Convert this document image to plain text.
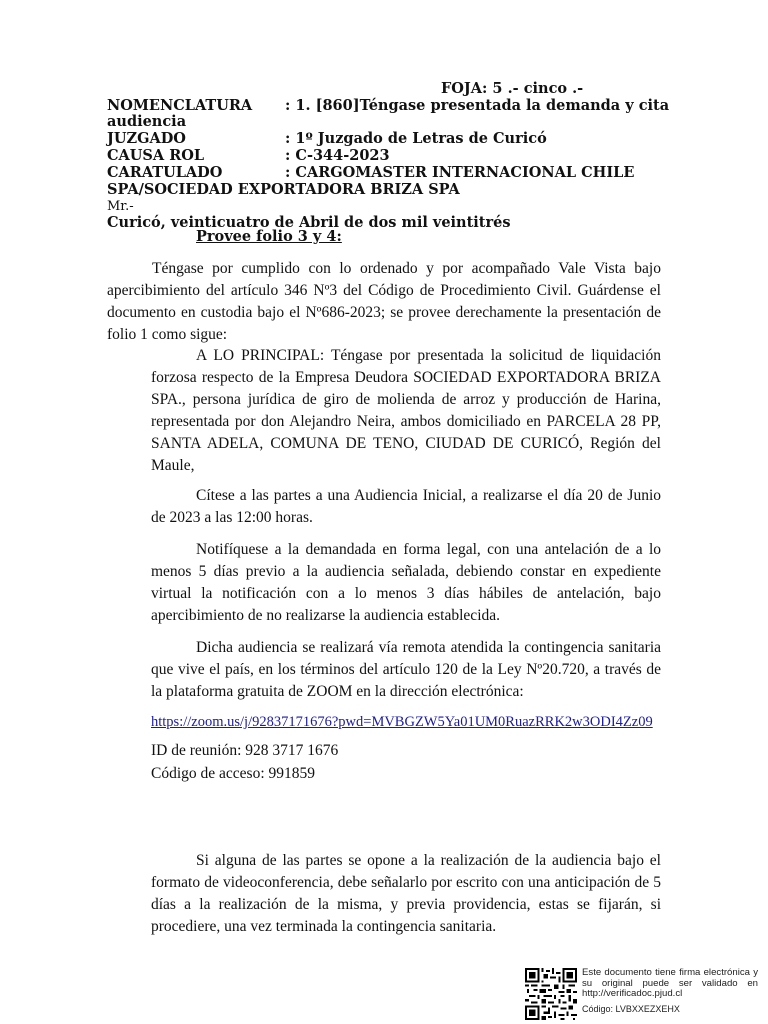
FOJA: 5 .- cinco .-
NOMENCLATURA : 1. [860]Téngase presentada la demanda y cita
audiencia
JUZGADO	: 1º Juzgado de Letras de Curicó
CAUSA ROL	: C-344-2023
CARATULADO	: CARGOMASTER INTERNACIONAL CHILE
SPA/SOCIEDAD EXPORTADORA BRIZA SPA
Mr.-
Curicó, veinticuatro de Abril de dos mil veintitrés
Provee folio 3 y 4:
Téngase por cumplido con lo ordenado y por acompañado Vale Vista bajo apercibimiento del artículo 346 Nº3 del Código de Procedimiento Civil. Guárdense el documento en custodia bajo el Nº686-2023; se provee derechamente la presentación de folio 1 como sigue:
A LO PRINCIPAL: Téngase por presentada la solicitud de liquidación forzosa respecto de la Empresa Deudora SOCIEDAD EXPORTADORA BRIZA SPA., persona jurídica de giro de molienda de arroz y producción de Harina, representada por don Alejandro Neira, ambos domiciliado en PARCELA 28 PP, SANTA ADELA, COMUNA DE TENO, CIUDAD DE CURICÓ, Región del Maule,
Cítese a las partes a una Audiencia Inicial, a realizarse el día 20 de Junio de 2023 a las 12:00 horas.
Notifíquese a la demandada en forma legal, con una antelación de a lo menos 5 días previo a la audiencia señalada, debiendo constar en expediente virtual la notificación con a lo menos 3 días hábiles de antelación, bajo apercibimiento de no realizarse la audiencia establecida.
Dicha audiencia se realizará vía remota atendida la contingencia sanitaria que vive el país, en los términos del artículo 120 de la Ley Nº20.720, a través de la plataforma gratuita de ZOOM en la dirección electrónica:
https://zoom.us/j/92837171676?pwd=MVBGZW5Ya01UM0RuazRRK2w3ODI4Zz09
ID de reunión: 928 3717 1676
Código de acceso: 991859
Si alguna de las partes se opone a la realización de la audiencia bajo el formato de videoconferencia, debe señalarlo por escrito con una anticipación de 5 días a la realización de la misma, y previa providencia, estas se fijarán, si procediere, una vez terminada la contingencia sanitaria.
Este documento tiene firma electrónica y su original puede ser validado en http://verificadoc.pjud.cl
Código: LVBXXEZXEHX
